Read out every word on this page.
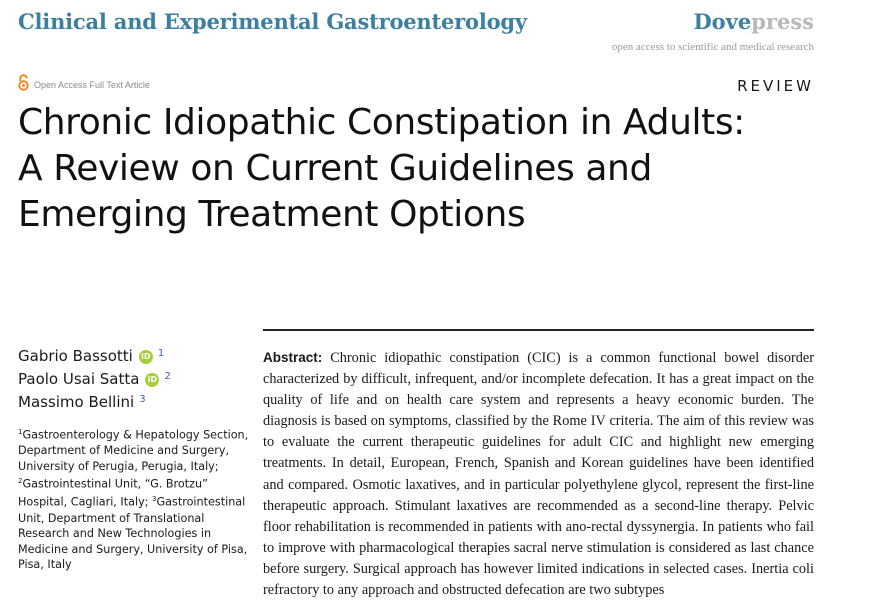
Clinical and Experimental Gastroenterology	Dovepress
open access to scientific and medical research
Open Access Full Text Article	REVIEW
Chronic Idiopathic Constipation in Adults: A Review on Current Guidelines and Emerging Treatment Options
Gabrio Bassotti iD 1
Paolo Usai Satta iD 2
Massimo Bellini 3
$^1$Gastroenterology & Hepatology Section, Department of Medicine and Surgery, University of Perugia, Perugia, Italy; $^2$Gastrointestinal Unit, “G. Brotzu” Hospital, Cagliari, Italy; $^3$Gastrointestinal Unit, Department of Translational Research and New Technologies in Medicine and Surgery, University of Pisa, Pisa, Italy

Abstract: Chronic idiopathic constipation (CIC) is a common functional bowel disorder characterized by difficult, infrequent, and/or incomplete defecation. It has a great impact on the quality of life and on health care system and represents a heavy economic burden. The diagnosis is based on symptoms, classified by the Rome IV criteria. The aim of this review was to evaluate the current therapeutic guidelines for adult CIC and highlight new emerging treatments. In detail, European, French, Spanish and Korean guidelines have been identified and compared. Osmotic laxatives, and in particular polyethylene glycol, represent the first-line therapeutic approach. Stimulant laxatives are recommended as a second-line therapy. Pelvic floor rehabilitation is recommended in patients with ano-rectal dyssynergia. In patients who fail to improve with pharmacological therapies sacral nerve stimulation is considered as last chance before surgery. Surgical approach has however limited indications in selected cases. Inertia coli refractory to any approach and obstructed defecation are two subtypes
